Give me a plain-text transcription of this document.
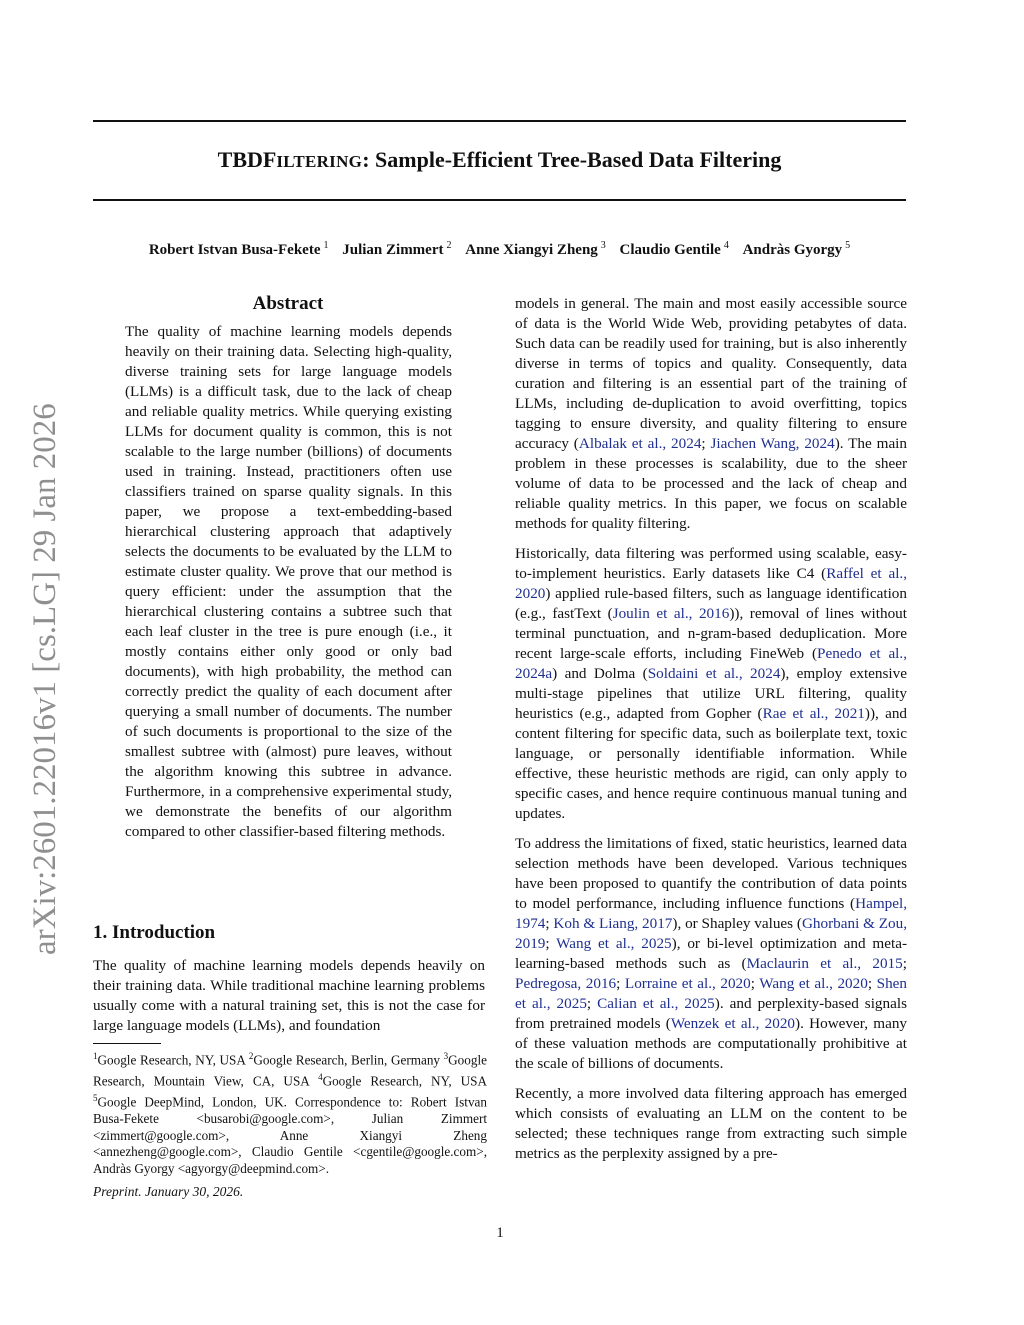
TBDFILTERING: Sample-Efficient Tree-Based Data Filtering
Robert Istvan Busa-Fekete $^1$ Julian Zimmert $^2$ Anne Xiangyi Zheng $^3$ Claudio Gentile $^4$ Andràs Gyorgy $^5$
arXiv:2601.22016v1 [cs.LG] 29 Jan 2026
Abstract

The quality of machine learning models depends heavily on their training data. Selecting high-quality, diverse training sets for large language models (LLMs) is a difficult task, due to the lack of cheap and reliable quality metrics. While querying existing LLMs for document quality is common, this is not scalable to the large number (billions) of documents used in training. Instead, practitioners often use classifiers trained on sparse quality signals. In this paper, we propose a text-embedding-based hierarchical clustering approach that adaptively selects the documents to be evaluated by the LLM to estimate cluster quality. We prove that our method is query efficient: under the assumption that the hierarchical clustering contains a subtree such that each leaf cluster in the tree is pure enough (i.e., it mostly contains either only good or only bad documents), with high probability, the method can correctly predict the quality of each document after querying a small number of documents. The number of such documents is proportional to the size of the smallest subtree with (almost) pure leaves, without the algorithm knowing this subtree in advance. Furthermore, in a comprehensive experimental study, we demonstrate the benefits of our algorithm compared to other classifier-based filtering methods.

1. Introduction

The quality of machine learning models depends heavily on their training data. While traditional machine learning problems usually come with a natural training set, this is not the case for large language models (LLMs), and foundation

$^1$Google Research, NY, USA $^2$Google Research, Berlin, Germany $^3$Google Research, Mountain View, CA, USA $^4$Google Research, NY, USA $^5$Google DeepMind, London, UK. Correspondence to: Robert Istvan Busa-Fekete <busarobi@google.com>, Julian Zimmert <zimmert@google.com>, Anne Xiangyi Zheng <annezheng@google.com>, Claudio Gentile <cgentile@google.com>, Andràs Gyorgy <agyorgy@deepmind.com>.
Preprint. January 30, 2026.

models in general. The main and most easily accessible source of data is the World Wide Web, providing petabytes of data. Such data can be readily used for training, but is also inherently diverse in terms of topics and quality. Consequently, data curation and filtering is an essential part of the training of LLMs, including de-duplication to avoid overfitting, topics tagging to ensure diversity, and quality filtering to ensure accuracy (Albalak et al., 2024; Jiachen Wang, 2024). The main problem in these processes is scalability, due to the sheer volume of data to be processed and the lack of cheap and reliable quality metrics. In this paper, we focus on scalable methods for quality filtering.

Historically, data filtering was performed using scalable, easy-to-implement heuristics. Early datasets like C4 (Raffel et al., 2020) applied rule-based filters, such as language identification (e.g., fastText (Joulin et al., 2016)), removal of lines without terminal punctuation, and n-gram-based deduplication. More recent large-scale efforts, including FineWeb (Penedo et al., 2024a) and Dolma (Soldaini et al., 2024), employ extensive multi-stage pipelines that utilize URL filtering, quality heuristics (e.g., adapted from Gopher (Rae et al., 2021)), and content filtering for specific data, such as boilerplate text, toxic language, or personally identifiable information. While effective, these heuristic methods are rigid, can only apply to specific cases, and hence require continuous manual tuning and updates.

To address the limitations of fixed, static heuristics, learned data selection methods have been developed. Various techniques have been proposed to quantify the contribution of data points to model performance, including influence functions (Hampel, 1974; Koh & Liang, 2017), or Shapley values (Ghorbani & Zou, 2019; Wang et al., 2025), or bi-level optimization and meta-learning-based methods such as (Maclaurin et al., 2015; Pedregosa, 2016; Lorraine et al., 2020; Wang et al., 2020; Shen et al., 2025; Calian et al., 2025). and perplexity-based signals from pretrained models (Wenzek et al., 2020). However, many of these valuation methods are computationally prohibitive at the scale of billions of documents.

Recently, a more involved data filtering approach has emerged which consists of evaluating an LLM on the content to be selected; these techniques range from extracting such simple metrics as the perplexity assigned by a pre-

1
